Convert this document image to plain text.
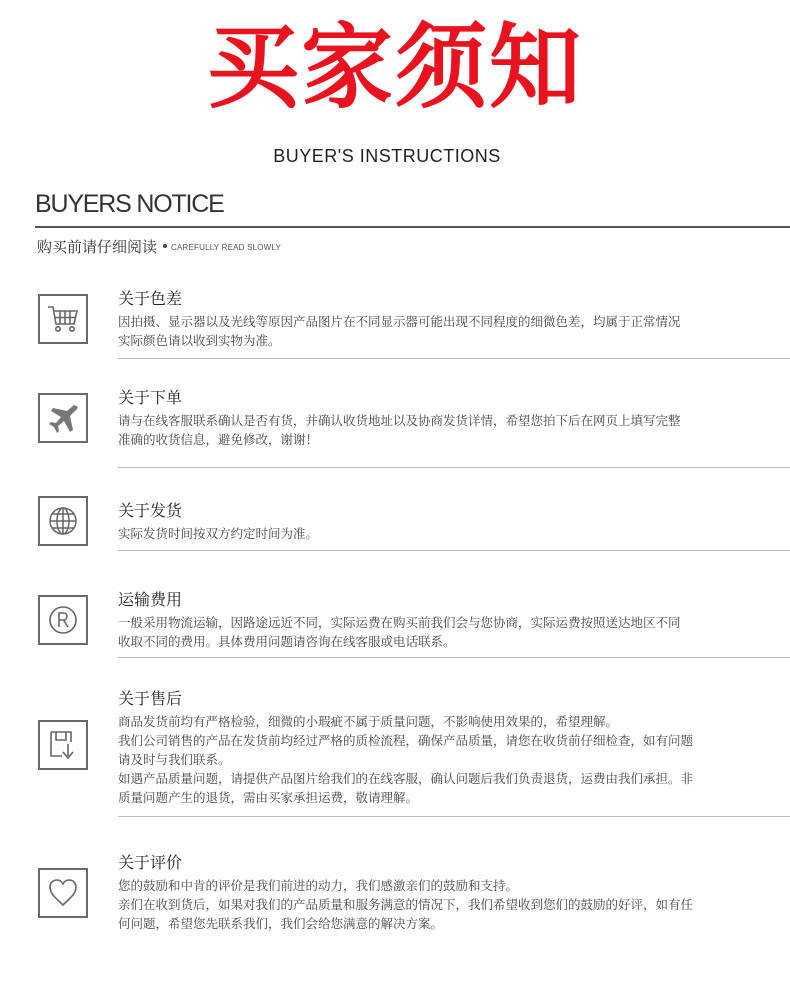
买家须知
BUYER'S INSTRUCTIONS
BUYERS NOTICE
购买前请仔细阅读 CAREFULLY READ SLOWLY
关于色差

因拍摄、显示器以及光线等原因产品图片在不同显示器可能出现不同程度的细微色差，均属于正常情况

实际颜色请以收到实物为准。

关于下单

请与在线客服联系确认是否有货，并确认收货地址以及协商发货详情，希望您拍下后在网页上填写完整

准确的收货信息，避免修改，谢谢！

关于发货

实际发货时间按双方约定时间为准。

运输费用

一般采用物流运输，因路途远近不同，实际运费在购买前我们会与您协商，实际运费按照送达地区不同

收取不同的费用。具体费用问题请咨询在线客服或电话联系。

关于售后

商品发货前均有严格检验，细微的小瑕疵不属于质量问题，不影响使用效果的，希望理解。

我们公司销售的产品在发货前均经过严格的质检流程，确保产品质量，请您在收货前仔细检查，如有问题

请及时与我们联系。

如遇产品质量问题，请提供产品图片给我们的在线客服，确认问题后我们负责退货，运费由我们承担。非

质量问题产生的退货，需由买家承担运费，敬请理解。

关于评价

您的鼓励和中肯的评价是我们前进的动力，我们感激亲们的鼓励和支持。

亲们在收到货后，如果对我们的产品质量和服务满意的情况下，我们希望收到您们的鼓励的好评，如有任

何问题，希望您先联系我们，我们会给您满意的解决方案。
